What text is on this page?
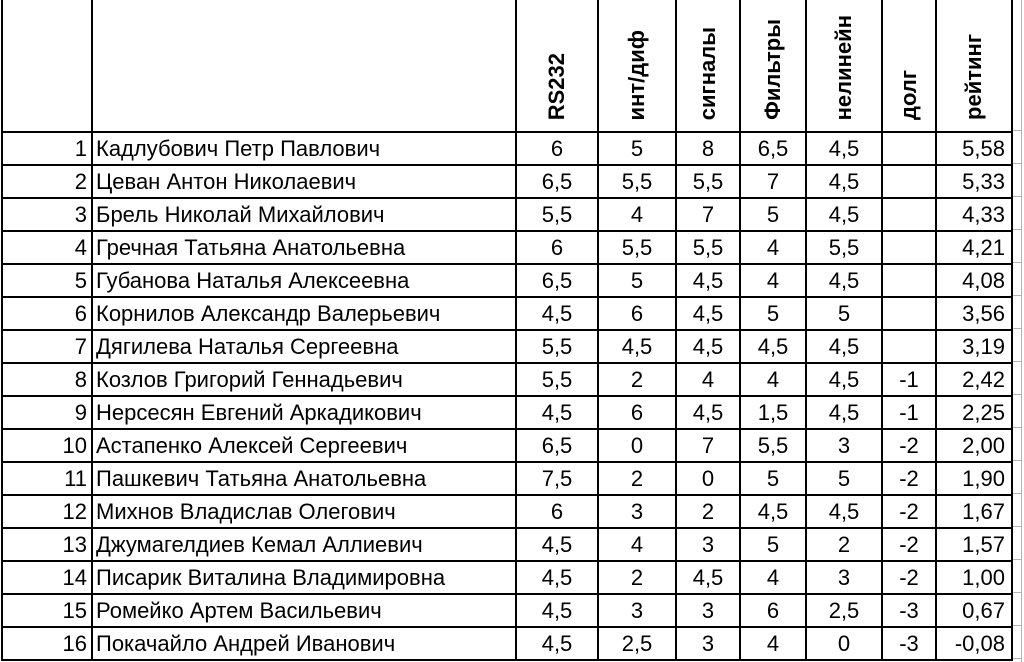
		RS232	инт/диф	сигналы	Фильтры	нелинейн	долг	рейтинг
1	Кадлубович Петр Павлович	6	5	8	6,5	4,5		5,58
2	Цеван Антон Николаевич	6,5	5,5	5,5	7	4,5		5,33
3	Брель Николай Михайлович	5,5	4	7	5	4,5		4,33
4	Гречная Татьяна Анатольевна	6	5,5	5,5	4	5,5		4,21
5	Губанова Наталья Алексеевна	6,5	5	4,5	4	4,5		4,08
6	Корнилов Александр Валерьевич	4,5	6	4,5	5	5		3,56
7	Дягилева Наталья Сергеевна	5,5	4,5	4,5	4,5	4,5		3,19
8	Козлов Григорий Геннадьевич	5,5	2	4	4	4,5	-1	2,42
9	Нерсесян Евгений Аркадикович	4,5	6	4,5	1,5	4,5	-1	2,25
10	Астапенко Алексей Сергеевич	6,5	0	7	5,5	3	-2	2,00
11	Пашкевич Татьяна Анатольевна	7,5	2	0	5	5	-2	1,90
12	Михнов Владислав Олегович	6	3	2	4,5	4,5	-2	1,67
13	Джумагелдиев Кемал Аллиевич	4,5	4	3	5	2	-2	1,57
14	Писарик Виталина Владимировна	4,5	2	4,5	4	3	-2	1,00
15	Ромейко Артем Васильевич	4,5	3	3	6	2,5	-3	0,67
16	Покачайло Андрей Иванович	4,5	2,5	3	4	0	-3	-0,08
